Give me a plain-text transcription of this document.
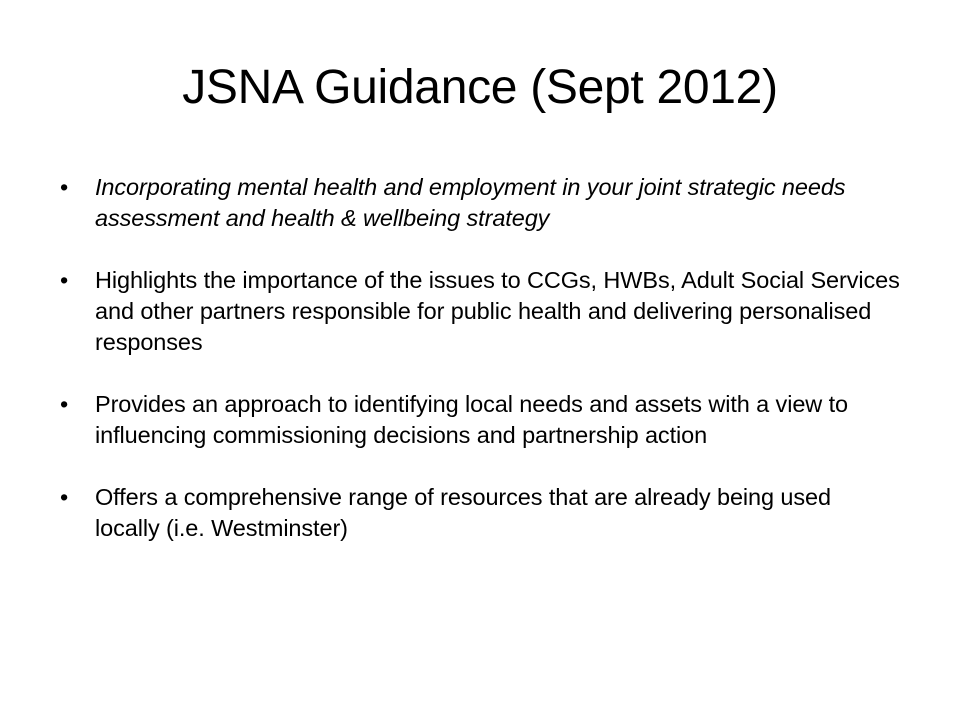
JSNA Guidance (Sept 2012)
•	Incorporating mental health and employment in your joint strategic needs assessment and health & wellbeing strategy
•	Highlights the importance of the issues to CCGs, HWBs, Adult Social Services and other partners responsible for public health and delivering personalised responses
•	Provides an approach to identifying local needs and assets with a view to influencing commissioning decisions and partnership action
•	Offers a comprehensive range of resources that are already being used locally (i.e. Westminster)
